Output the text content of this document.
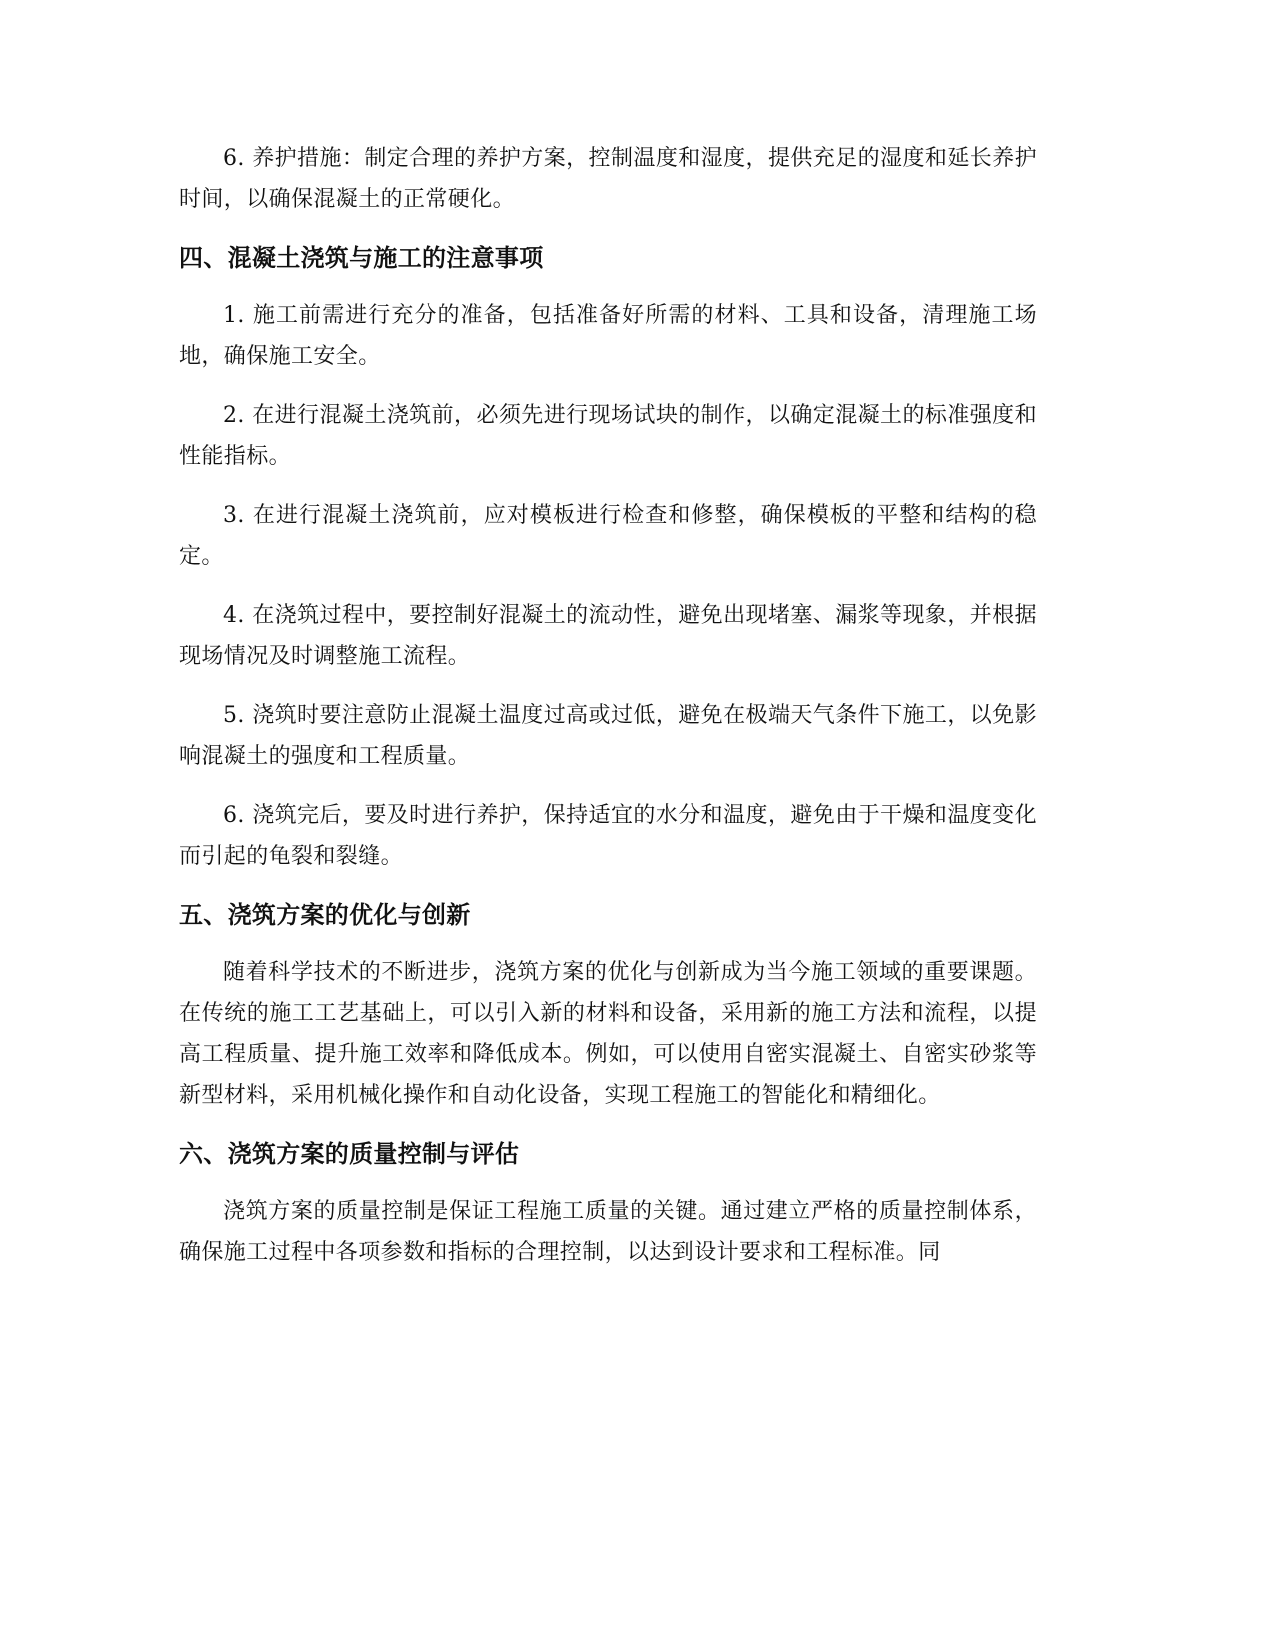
6. 养护措施：制定合理的养护方案，控制温度和湿度，提供充足的湿度和延长养护时间，以确保混凝土的正常硬化。

四、混凝土浇筑与施工的注意事项

1. 施工前需进行充分的准备，包括准备好所需的材料、工具和设备，清理施工场地，确保施工安全。

2. 在进行混凝土浇筑前，必须先进行现场试块的制作，以确定混凝土的标准强度和性能指标。

3. 在进行混凝土浇筑前，应对模板进行检查和修整，确保模板的平整和结构的稳定。

4. 在浇筑过程中，要控制好混凝土的流动性，避免出现堵塞、漏浆等现象，并根据现场情况及时调整施工流程。

5. 浇筑时要注意防止混凝土温度过高或过低，避免在极端天气条件下施工，以免影响混凝土的强度和工程质量。

6. 浇筑完后，要及时进行养护，保持适宜的水分和温度，避免由于干燥和温度变化而引起的龟裂和裂缝。

五、浇筑方案的优化与创新

随着科学技术的不断进步，浇筑方案的优化与创新成为当今施工领域的重要课题。在传统的施工工艺基础上，可以引入新的材料和设备，采用新的施工方法和流程，以提高工程质量、提升施工效率和降低成本。例如，可以使用自密实混凝土、自密实砂浆等新型材料，采用机械化操作和自动化设备，实现工程施工的智能化和精细化。

六、浇筑方案的质量控制与评估

浇筑方案的质量控制是保证工程施工质量的关键。通过建立严格的质量控制体系，确保施工过程中各项参数和指标的合理控制，以达到设计要求和工程标准。同
